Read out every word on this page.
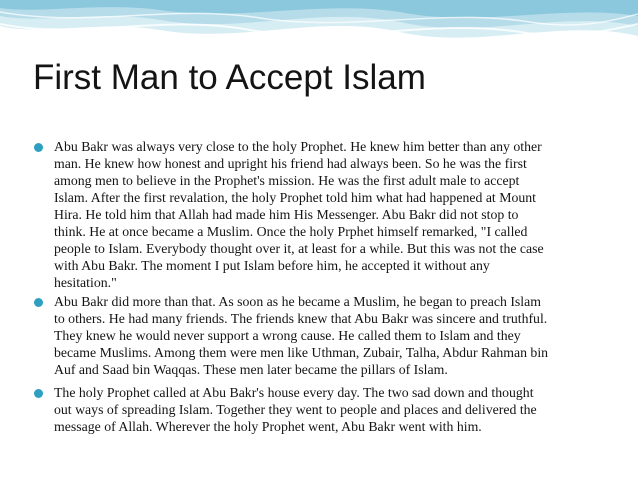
First Man to Accept Islam
Abu Bakr was always very close to the holy Prophet. He knew him better than any other
man. He knew how honest and upright his friend had always been. So he was the first
among men to believe in the Prophet's mission. He was the first adult male to accept
Islam. After the first revalation, the holy Prophet told him what had happened at Mount
Hira. He told him that Allah had made him His Messenger. Abu Bakr did not stop to
think. He at once became a Muslim. Once the holy Prphet himself remarked, "I called
people to Islam. Everybody thought over it, at least for a while. But this was not the case
with Abu Bakr. The moment I put Islam before him, he accepted it without any
hesitation."
Abu Bakr did more than that. As soon as he became a Muslim, he began to preach Islam
to others. He had many friends. The friends knew that Abu Bakr was sincere and truthful.
They knew he would never support a wrong cause. He called them to Islam and they
became Muslims. Among them were men like Uthman, Zubair, Talha, Abdur Rahman bin
Auf and Saad bin Waqqas. These men later became the pillars of Islam.
The holy Prophet called at Abu Bakr's house every day. The two sad down and thought
out ways of spreading Islam. Together they went to people and places and delivered the
message of Allah. Wherever the holy Prophet went, Abu Bakr went with him.
